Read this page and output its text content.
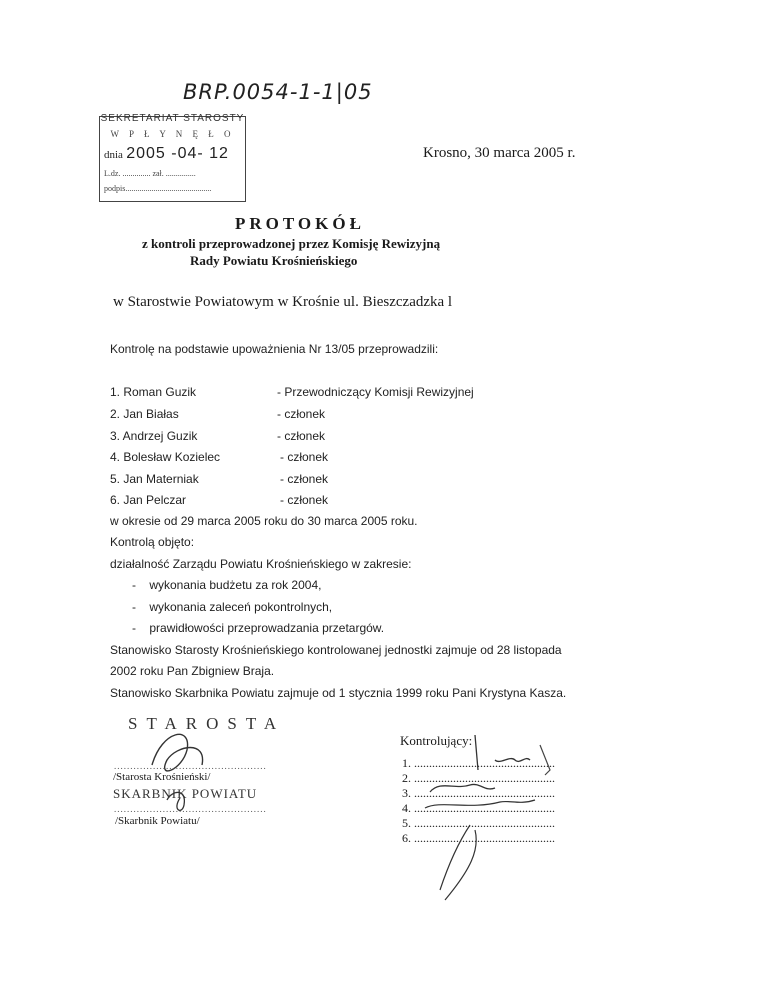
BRP.0054-1-1|05
SEKRETARIAT STAROSTY
W P Ł Y N Ę Ł O
dnia 2005 -04- 12
L.dz. .............. zał. ...............
podpis...........................................
Krosno, 30 marca 2005 r.
PROTOKÓŁ
z kontroli przeprowadzonej przez Komisję Rewizyjną
Rady Powiatu Krośnieńskiego
w Starostwie Powiatowym w Krośnie ul. Bieszczadzka l
Kontrolę na podstawie upoważnienia Nr 13/05 przeprowadzili:
1. Roman Guzik	- Przewodniczący Komisji Rewizyjnej
2. Jan Białas	- członek
3. Andrzej Guzik	- członek
4. Bolesław Kozielec	- członek
5. Jan Materniak	- członek
6. Jan Pelczar	- członek
w okresie od 29 marca 2005 roku do 30 marca 2005 roku.
Kontrolą objęto:
działalność Zarządu Powiatu Krośnieńskiego w zakresie:
-    wykonania budżetu za rok 2004,
-    wykonania zaleceń pokontrolnych,
-    prawidłowości przeprowadzania przetargów.
Stanowisko Starosty Krośnieńskiego kontrolowanej jednostki zajmuje od 28 listopada
2002 roku Pan Zbigniew Braja.
Stanowisko Skarbnika Powiatu zajmuje od 1 stycznia 1999 roku Pani Krystyna Kasza.
STAROSTA
...............................................
/Starosta Krośnieński/
SKARBNIK POWIATU
...............................................
/Skarbnik Powiatu/
Kontrolujący:
1. ...............................................
2. ...............................................
3. ...............................................
4. ...............................................
5. ...............................................
6. ...............................................
